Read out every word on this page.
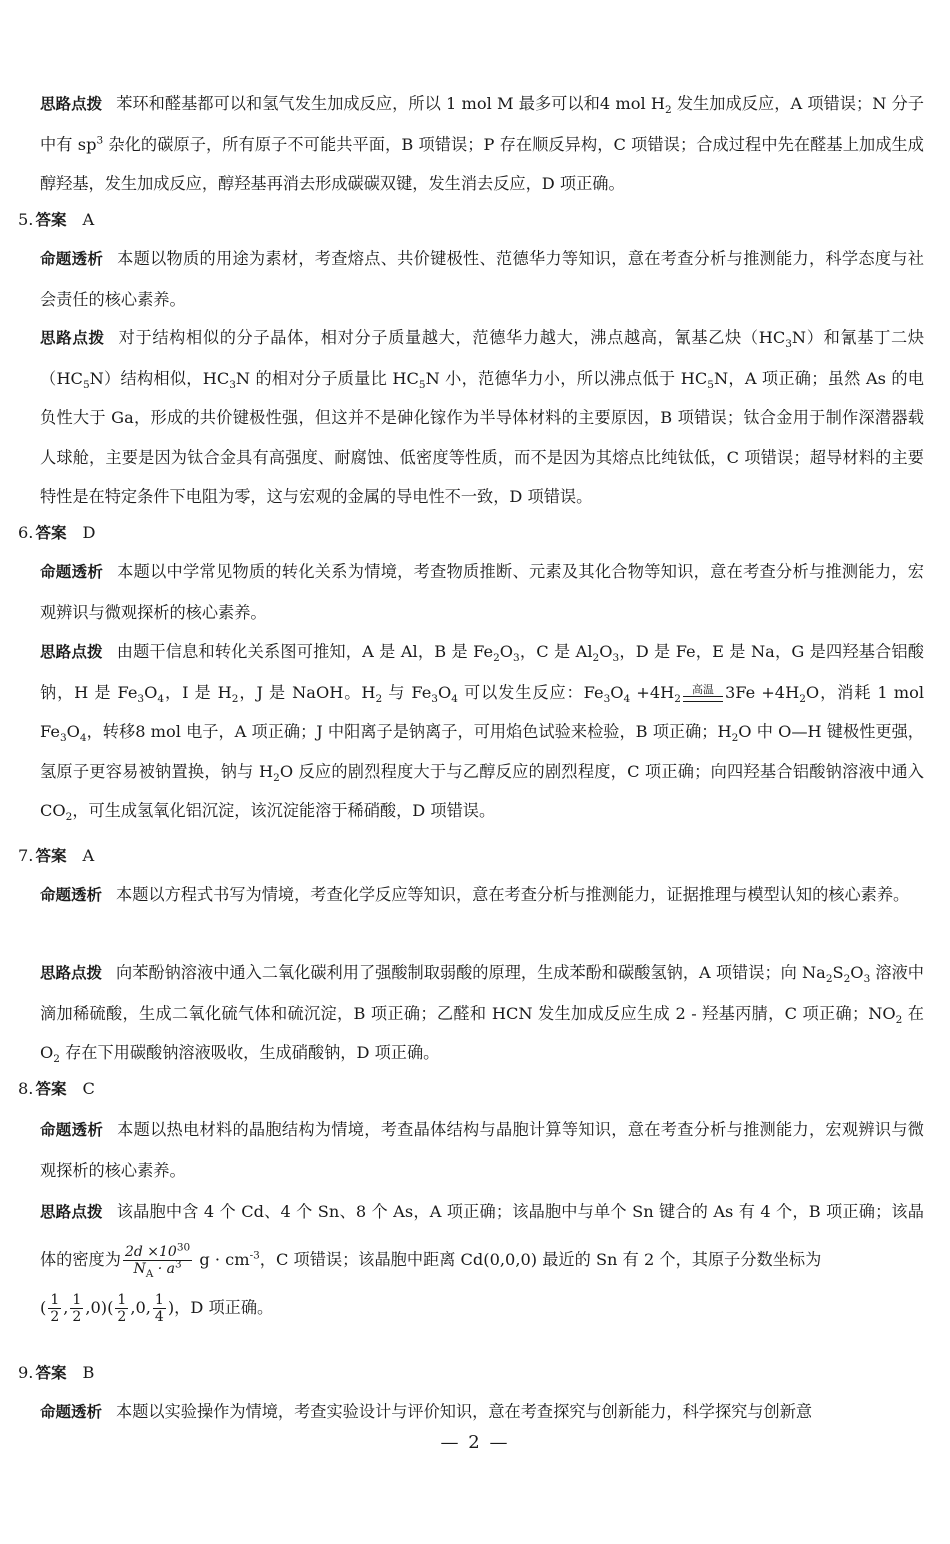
思路点拨 苯环和醛基都可以和氢气发生加成反应，所以 1 mol M 最多可以和4 mol $H_2$ 发生加成反应，A 项错误；N 分子中有 $sp^3$ 杂化的碳原子，所有原子不可能共平面，B 项错误；P 存在顺反异构，C 项错误；合成过程中先在醛基上加成生成醇羟基，发生加成反应，醇羟基再消去形成碳碳双键，发生消去反应，D 项正确。
5. 答案 A
命题透析 本题以物质的用途为素材，考查熔点、共价键极性、范德华力等知识，意在考查分析与推测能力，科学态度与社会责任的核心素养。
思路点拨 对于结构相似的分子晶体，相对分子质量越大，范德华力越大，沸点越高，氰基乙炔$(HC_3N)$和氰基丁二炔$(HC_5N)$结构相似，$HC_3N$ 的相对分子质量比 $HC_5N$ 小，范德华力小，所以沸点低于 $HC_5N$，A 项正确；虽然 As 的电负性大于 Ga，形成的共价键极性强，但这并不是砷化镓作为半导体材料的主要原因，B 项错误；钛合金用于制作深潜器载人球舱，主要是因为钛合金具有高强度、耐腐蚀、低密度等性质，而不是因为其熔点比纯钛低，C 项错误；超导材料的主要特性是在特定条件下电阻为零，这与宏观的金属的导电性不一致，D 项错误。
6. 答案 D
命题透析 本题以中学常见物质的转化关系为情境，考查物质推断、元素及其化合物等知识，意在考查分析与推测能力，宏观辨识与微观探析的核心素养。
思路点拨 由题干信息和转化关系图可推知，A 是 Al，B 是 $Fe_2O_3$，C 是 $Al_2O_3$，D 是 Fe，E 是 Na，G 是四羟基合铝酸钠，H 是 $Fe_3O_4$，I 是 $H_2$，J 是 NaOH。$H_2$ 与 $Fe_3O_4$ 可以发生反应：$Fe_3O_4 +4H_2$
高温 $3Fe +4H_2O$，消耗 1 mol $Fe_3O_4$，转移8 mol 电子，A 项正确；J 中阳离子是钠离子，可用焰色试验来检验，B 项正确；$H_2O$ 中 O—H 键极性更强，氢原子更容易被钠置换，钠与 $H_2O$ 反应的剧烈程度大于与乙醇反应的剧烈程度，C 项正确；向四羟基合铝酸钠溶液中通入 $CO_2$，可生成氢氧化铝沉淀，该沉淀能溶于稀硝酸，D 项错误。
7. 答案 A
命题透析 本题以方程式书写为情境，考查化学反应等知识，意在考查分析与推测能力，证据推理与模型认知的核心素养。
思路点拨 向苯酚钠溶液中通入二氧化碳利用了强酸制取弱酸的原理，生成苯酚和碳酸氢钠，A 项错误；向 $Na_2S_2O_3$ 溶液中滴加稀硫酸，生成二氧化硫气体和硫沉淀，B 项正确；乙醛和 HCN 发生加成反应生成 2 - 羟基丙腈，C 项正确；$NO_2$ 在 $O_2$ 存在下用碳酸钠溶液吸收，生成硝酸钠，D 项正确。
8. 答案 C
命题透析 本题以热电材料的晶胞结构为情境，考查晶体结构与晶胞计算等知识，意在考查分析与推测能力，宏观辨识与微观探析的核心素养。
思路点拨 该晶胞中含 4 个 Cd、4 个 Sn、8 个 As，A 项正确；该晶胞中与单个 Sn 键合的 As 有 4 个，B 项正确；该晶体的密度为 $\frac{2d \times 10^{30}}{N_A \cdot a^3}$ $g \cdot cm^{-3}$，C 项错误；该晶胞中距离 Cd(0,0,0) 最近的 Sn 有 2 个，其原子分数坐标为
( $\frac{1}{2}$ , $\frac{1}{2} ,0)( \frac{1}{2} ,0$, $\frac{1}{4}$ )，D 项正确。
9. 答案 B
命题透析 本题以实验操作为情境，考查实验设计与评价知识，意在考查探究与创新能力，科学探究与创新意
— 2 —
